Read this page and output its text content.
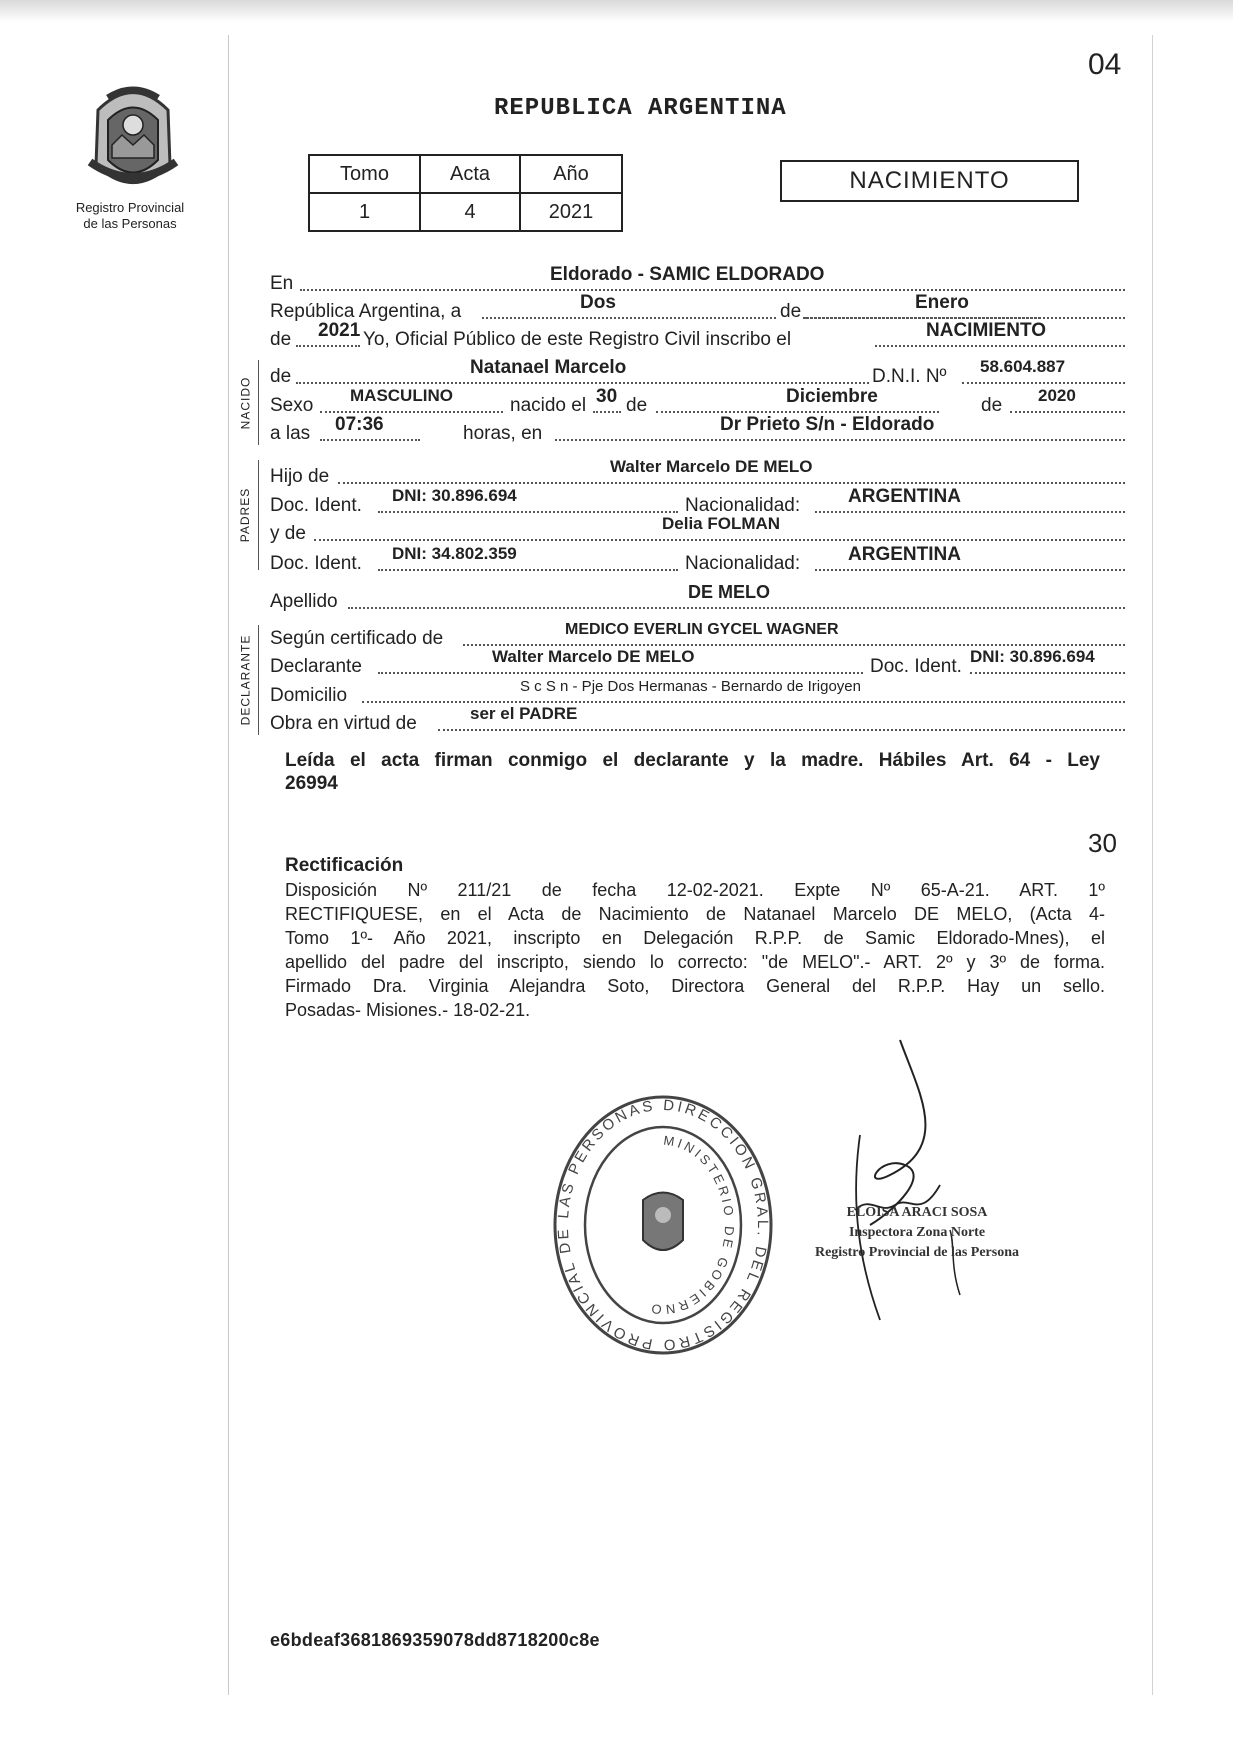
04
Registro Provincial
de las Personas
REPUBLICA ARGENTINA
Tomo	Acta	Año
1	4	2021
NACIMIENTO
En	Eldorado - SAMIC ELDORADO
República Argentina, a	Dos	de	Enero
de 2021 Yo, Oficial Público de este Registro Civil inscribo el	NACIMIENTO
NACIDO de	Natanael Marcelo	D.N.I. Nº 58.604.887
Sexo MASCULINO	nacido el 30 de	Diciembre	de 2020
a las 07:36	horas, en	Dr Prieto S/n - Eldorado
PADRES
Hijo de	Walter Marcelo DE MELO
Doc. Ident. DNI: 30.896.694	Nacionalidad:	ARGENTINA
y de	Delia FOLMAN
Doc. Ident. DNI: 34.802.359	Nacionalidad:	ARGENTINA
Apellido	DE MELO
DECLARANTE Según certificado de	MEDICO EVERLIN GYCEL WAGNER
Declarante	Walter Marcelo DE MELO	Doc. Ident. DNI: 30.896.694
Domicilio	S c S n - Pje Dos Hermanas - Bernardo de Irigoyen
Obra en virtud de	ser el PADRE
Leída el acta firman conmigo el declarante y la madre. Hábiles Art. 64 - Ley
26994
30
Rectificación

Disposición Nº 211/21 de fecha 12-02-2021. Expte Nº 65-A-21. ART. 1º

RECTIFIQUESE, en el Acta de Nacimiento de Natanael Marcelo DE MELO, (Acta 4-

Tomo 1º- Año 2021, inscripto en Delegación R.P.P. de Samic Eldorado-Mnes), el

apellido del padre del inscripto, siendo lo correcto: "de MELO".- ART. 2º y 3º de forma.

Firmado Dra. Virginia Alejandra Soto, Directora General del R.P.P. Hay un sello.

Posadas- Misiones.- 18-02-21.

DIRECCION GRAL. DEL REGISTRO PROVINCIAL DE LAS PERSONAS
MINISTERIO DE GOBIERNO
ELOISA ARACI SOSA
Inspectora Zona Norte
Registro Provincial de las Persona
e6bdeaf3681869359078dd8718200c8e
